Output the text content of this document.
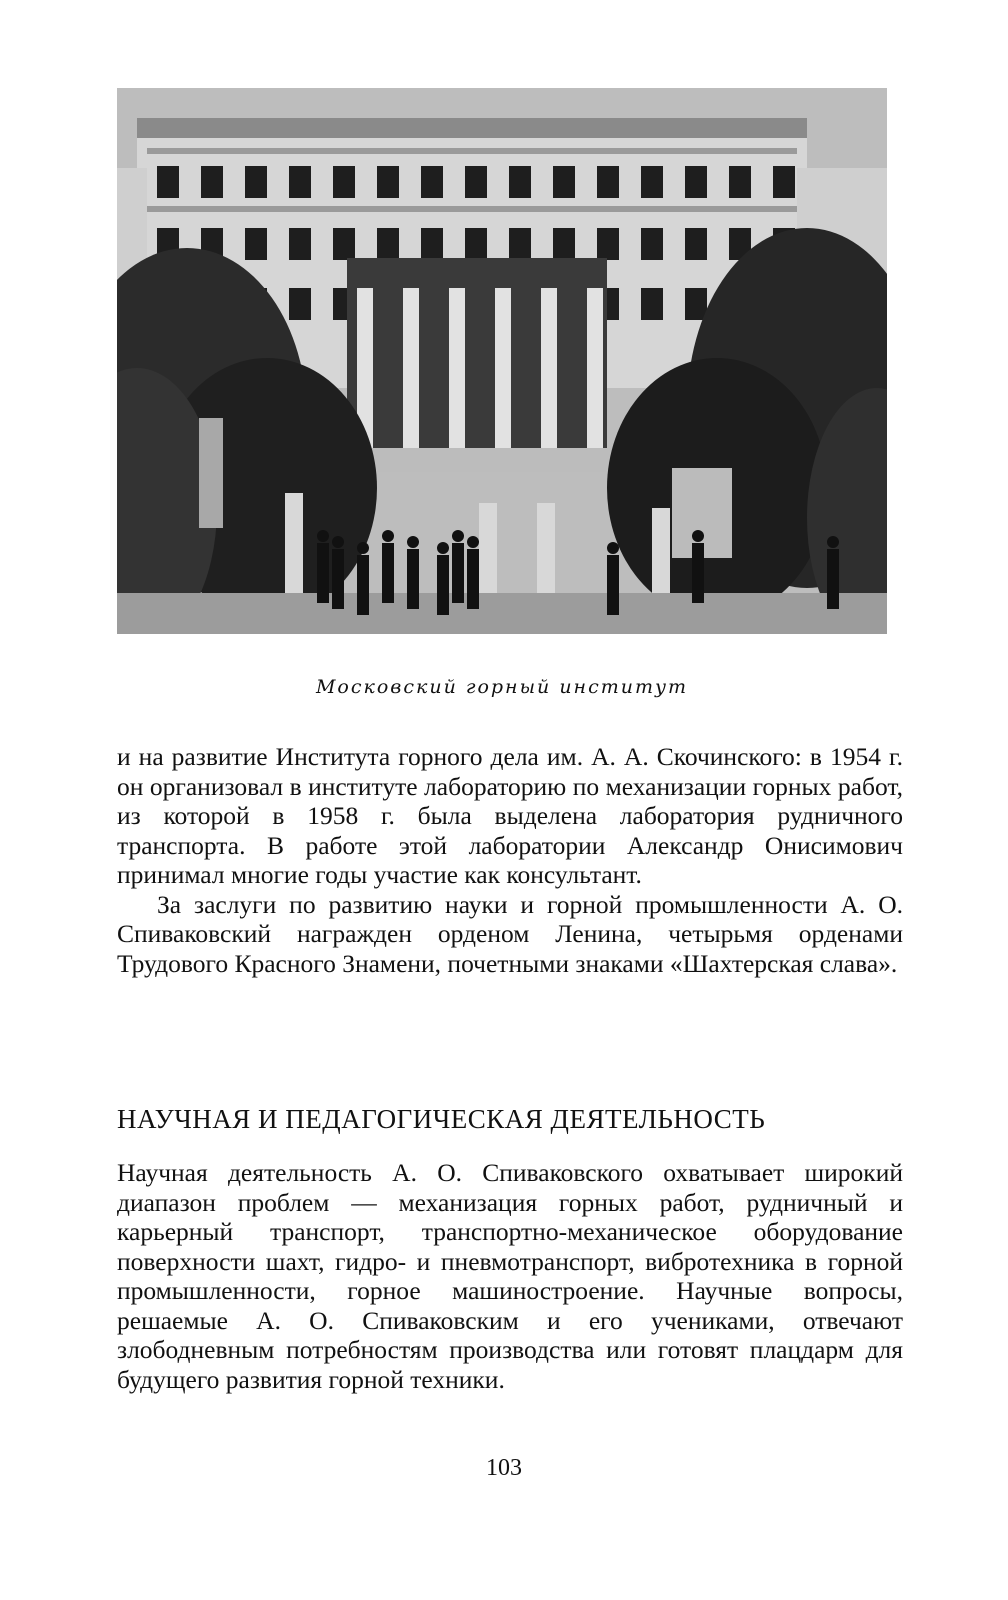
Московский горный институт

и на развитие Института горного дела им. А. А. Скочинского: в 1954 г. он организовал в институте лабораторию по механизации горных работ, из которой в 1958 г. была выделена лаборатория рудничного транспорта. В работе этой лаборатории Александр Онисимович принимал многие годы участие как консультант.

За заслуги по развитию науки и горной промышленности А. О. Спиваковский награжден орденом Ленина, четырьмя орденами Трудового Красного Знамени, почетными знаками «Шахтерская слава».

НАУЧНАЯ И ПЕДАГОГИЧЕСКАЯ ДЕЯТЕЛЬНОСТЬ

Научная деятельность А. О. Спиваковского охватывает широкий диапазон проблем — механизация горных работ, рудничный и карьерный транспорт, транспортно-механическое оборудование поверхности шахт, гидро- и пневмотранспорт, вибротехника в горной промышленности, горное машиностроение. Научные вопросы, решаемые А. О. Спиваковским и его учениками, отвечают злободневным потребностям производства или готовят плацдарм для будущего развития горной техники.

103
